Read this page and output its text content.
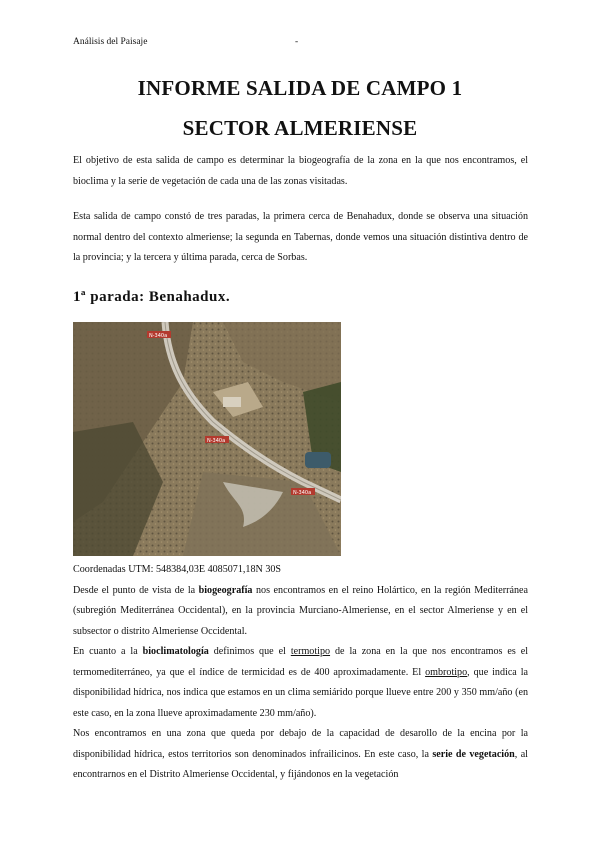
Análisis del Paisaje	-
INFORME SALIDA DE CAMPO 1
SECTOR ALMERIENSE

El objetivo de esta salida de campo es determinar la biogeografía de la zona en la que nos encontramos, el bioclima y la serie de vegetación de cada una de las zonas visitadas.

Esta salida de campo constó de tres paradas, la primera cerca de Benahadux, donde se observa una situación normal dentro del contexto almeriense; la segunda en Tabernas, donde vemos una situación distintiva dentro de la provincia; y la tercera y última parada, cerca de Sorbas.

1ª parada: Benahadux.
N-340a
N-340a
N-340a
Coordenadas UTM: 548384,03E 4085071,18N 30S
Desde el punto de vista de la biogeografía nos encontramos en el reino Holártico, en la región Mediterránea (subregión Mediterránea Occidental), en la provincia Murciano-Almeriense, en el sector Almeriense y en el subsector o distrito Almeriense Occidental.
En cuanto a la bioclimatología definimos que el termotipo de la zona en la que nos encontramos es el termomediterráneo, ya que el índice de termicidad es de 400 aproximadamente. El ombrotipo, que indica la disponibilidad hídrica, nos indica que estamos en un clima semiárido porque llueve entre 200 y 350 mm/año (en este caso, en la zona llueve aproximadamente 230 mm/año).
Nos encontramos en una zona que queda por debajo de la capacidad de desarollo de la encina por la disponibilidad hídrica, estos territorios son denominados infrailicinos. En este caso, la serie de vegetación, al encontrarnos en el Distrito Almeriense Occidental, y fijándonos en la vegetación
